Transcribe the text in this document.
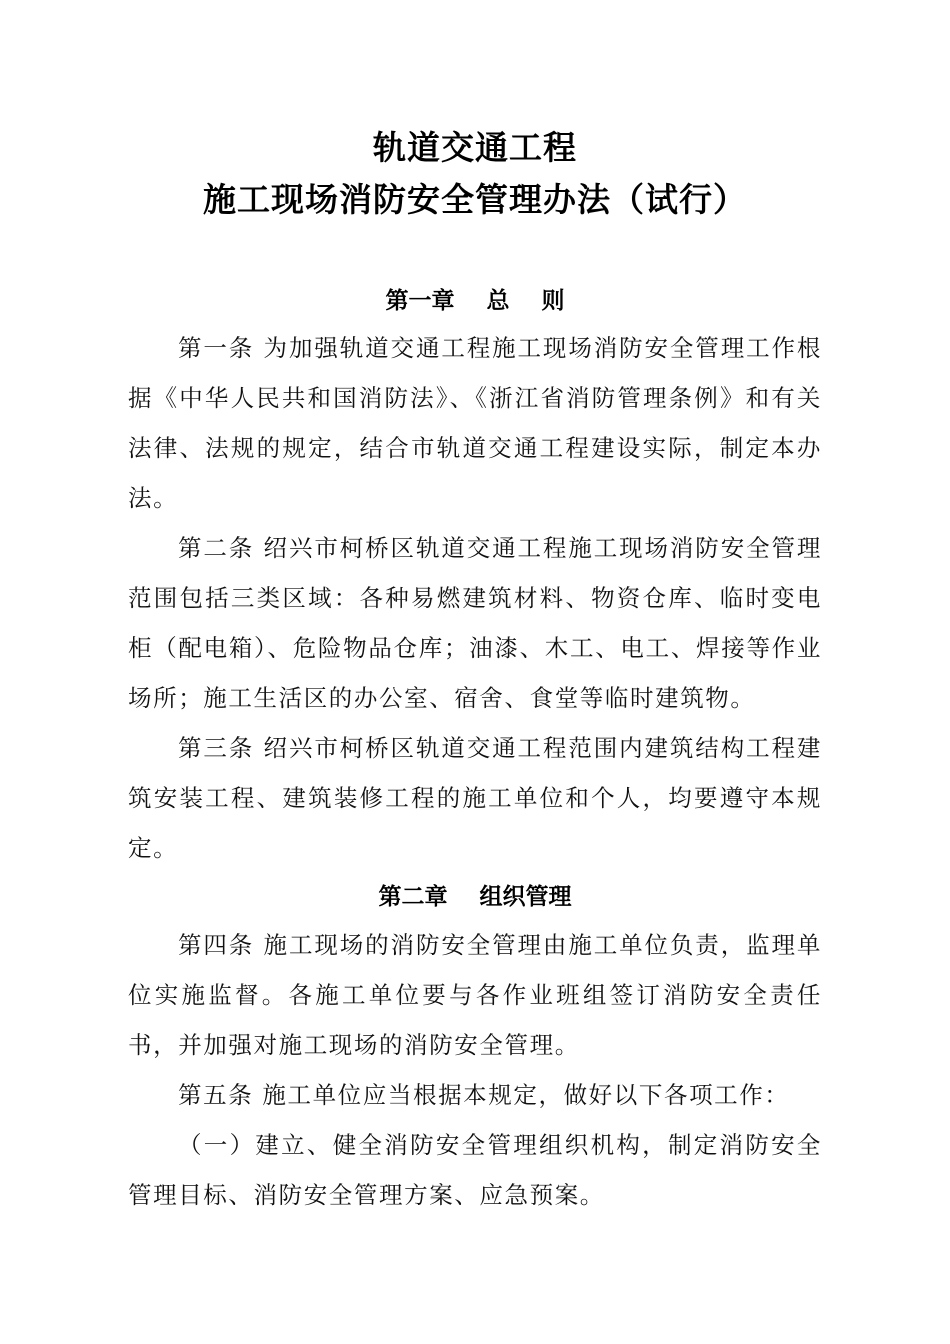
轨道交通工程
施工现场消防安全管理办法（试行）
第一章    总    则

第一条 为加强轨道交通工程施工现场消防安全管理工作根据《中华人民共和国消防法》、《浙江省消防管理条例》和有关法律、法规的规定，结合市轨道交通工程建设实际，制定本办法。

第二条 绍兴市柯桥区轨道交通工程施工现场消防安全管理范围包括三类区域：各种易燃建筑材料、物资仓库、临时变电柜（配电箱）、危险物品仓库；油漆、木工、电工、焊接等作业场所；施工生活区的办公室、宿舍、食堂等临时建筑物。

第三条 绍兴市柯桥区轨道交通工程范围内建筑结构工程建筑安装工程、建筑装修工程的施工单位和个人，均要遵守本规定。

第二章    组织管理

第四条 施工现场的消防安全管理由施工单位负责，监理单位实施监督。各施工单位要与各作业班组签订消防安全责任书，并加强对施工现场的消防安全管理。

第五条 施工单位应当根据本规定，做好以下各项工作：

（一）建立、健全消防安全管理组织机构，制定消防安全管理目标、消防安全管理方案、应急预案。
